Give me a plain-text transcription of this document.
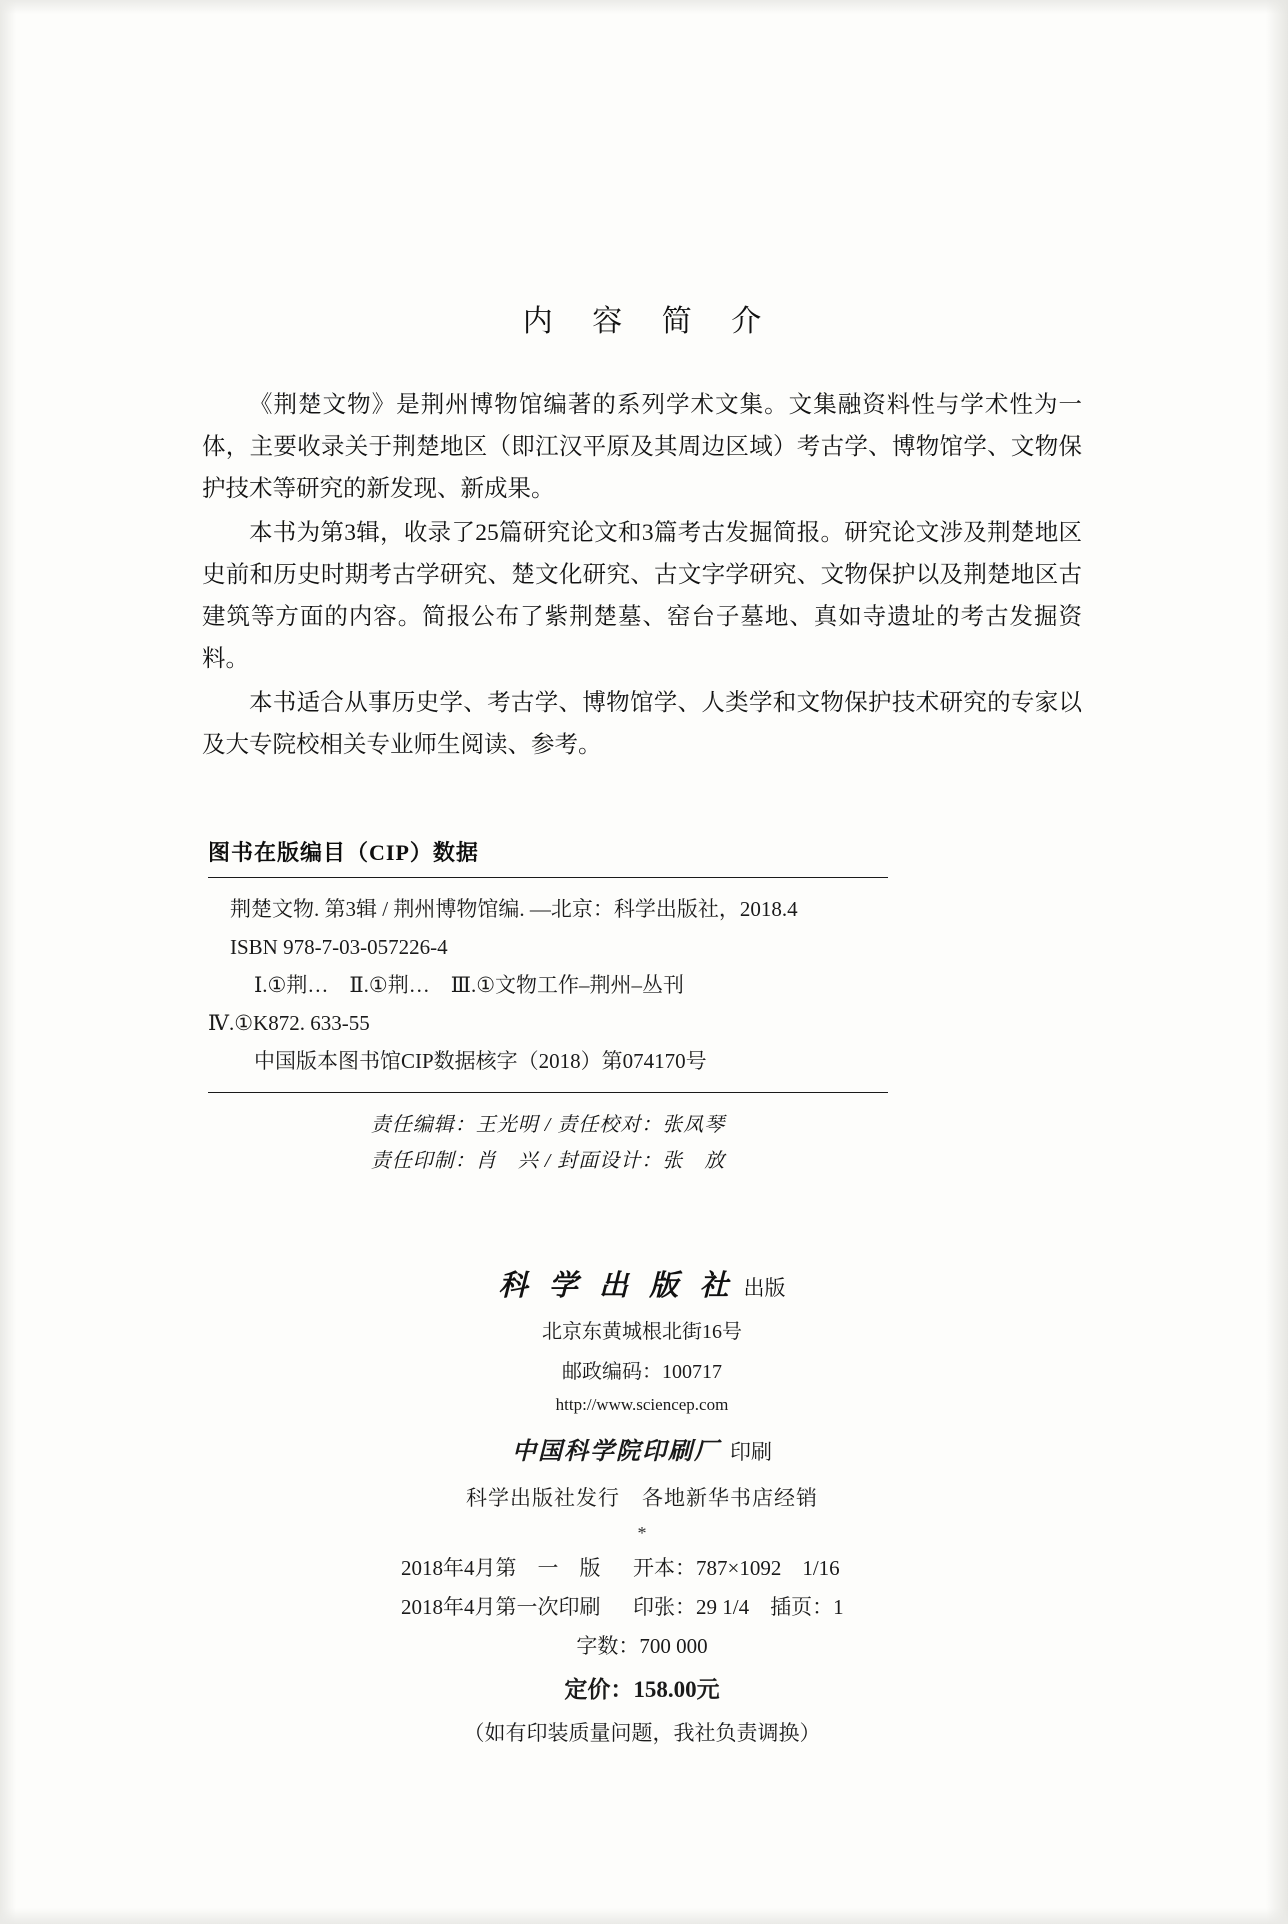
内 容 简 介

《荆楚文物》是荆州博物馆编著的系列学术文集。文集融资料性与学术性为一体，主要收录关于荆楚地区（即江汉平原及其周边区域）考古学、博物馆学、文物保护技术等研究的新发现、新成果。

本书为第3辑，收录了25篇研究论文和3篇考古发掘简报。研究论文涉及荆楚地区史前和历史时期考古学研究、楚文化研究、古文字学研究、文物保护以及荆楚地区古建筑等方面的内容。简报公布了紫荆楚墓、窑台子墓地、真如寺遗址的考古发掘资料。

本书适合从事历史学、考古学、博物馆学、人类学和文物保护技术研究的专家以及大专院校相关专业师生阅读、参考。

图书在版编目（CIP）数据
荆楚文物. 第3辑 / 荆州博物馆编. —北京：科学出版社，2018.4
ISBN 978-7-03-057226-4
Ⅰ.①荆…　Ⅱ.①荆…　Ⅲ.①文物工作–荆州–丛刊
Ⅳ.①K872. 633-55
中国版本图书馆CIP数据核字（2018）第074170号
责任编辑：王光明 / 责任校对：张凤琴
责任印制：肖　兴 / 封面设计：张　放
科 学 出 版 社 出版
北京东黄城根北街16号
邮政编码：100717
http://www.sciencep.com
中国科学院印刷厂 印刷
科学出版社发行　各地新华书店经销
*
2018年4月第　一　版	开本：787×1092　1/16
2018年4月第一次印刷	印张：29 1/4　插页：1
字数：700 000
定价：158.00元
（如有印装质量问题，我社负责调换）
